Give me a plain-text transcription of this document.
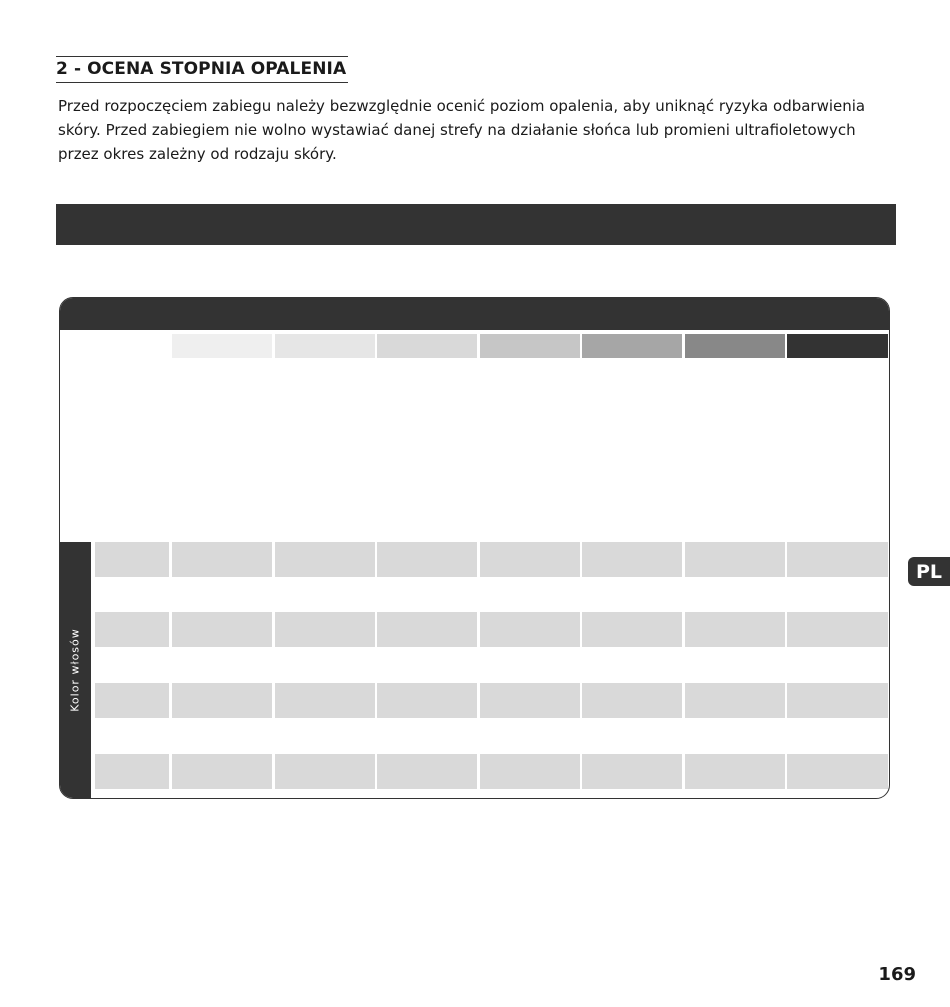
2 - OCENA STOPNIA OPALENIA

Przed rozpoczęciem zabiegu należy bezwzględnie ocenić poziom opalenia, aby uniknąć ryzyka odbarwienia skóry. Przed zabiegiem nie wolno wystawiać danej strefy na działanie słońca lub promieni ultrafioletowych przez okres zależny od rodzaju skóry.

Kolor włosów
PL
169
